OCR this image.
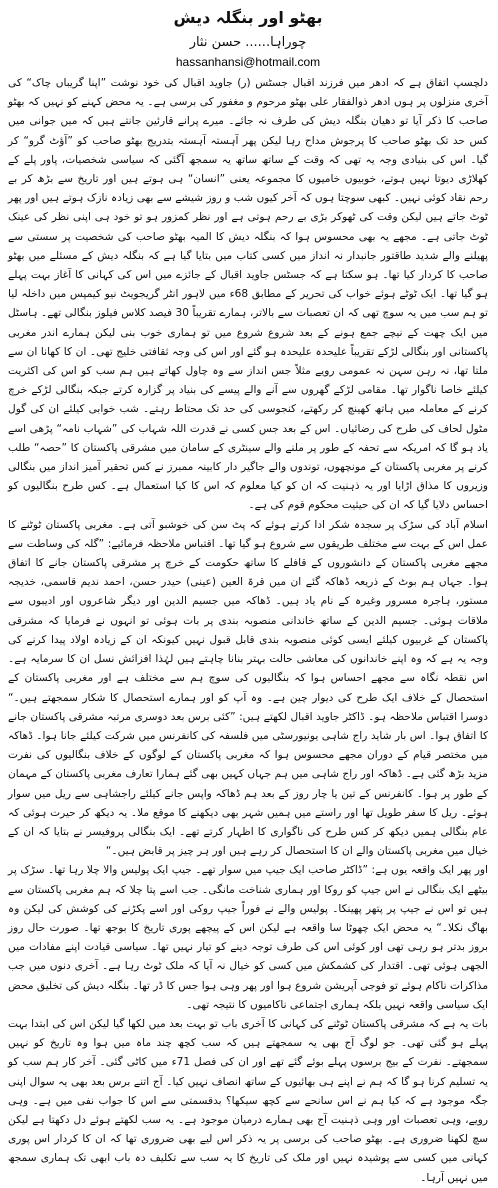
بھٹو اور بنگلہ دیش
چوراہا...... حسن نثار
hassanhansi@hotmail.com

دلچسپ اتفاق ہے کہ ادھر میں فرزند اقبال جسٹس (ر) جاوید اقبال کی خود نوشت ”اپنا گریباں چاک“ کی آخری منزلوں پر ہوں ادھر ذوالفقار علی بھٹو مرحوم و مغفور کی برسی ہے۔ یہ محض کہنے کو نہیں کہ بھٹو صاحب کا ذکر آیا تو دھیان بنگلہ دیش کی طرف نہ جائے۔ میرے پرانے قارئین جانتے ہیں کہ میں جوانی میں کس حد تک بھٹو صاحب کا پرجوش مداح رہا لیکن پھر آہستہ آہستہ بتدریج بھٹو صاحب کو ”آؤٹ گرو“ کر گیا۔ اس کی بنیادی وجہ یہ تھی کہ وقت کے ساتھ ساتھ یہ سمجھ آگئی کہ سیاسی شخصیات، پاور پلے کے کھلاڑی دیوتا نہیں ہوتے، خوبیوں خامیوں کا مجموعہ یعنی ”انسان“ ہی ہوتے ہیں اور تاریخ سے بڑھ کر بے رحم نقاد کوئی نہیں۔ کبھی سوچتا ہوں کہ آخر کیوں شب و روز شیشے سے بھی زیادہ نازک ہوتے ہیں اور پھر ٹوٹ جاتے ہیں لیکن وقت کی ٹھوکر بڑی بے رحم ہوتی ہے اور نظر کمزور ہو تو خود ہی اپنی نظر کی عینک ٹوٹ جاتی ہے۔ مجھے یہ بھی محسوس ہوا کہ بنگلہ دیش کا المیہ بھٹو صاحب کی شخصیت پر سستی سے پھیلنے والے شدید طاقتور جانبدار نہ انداز میں کسی کتاب میں بتایا گیا ہے کہ بنگلہ دیش کے مسئلے میں بھٹو صاحب کا کردار کیا تھا۔ ہو سکتا ہے کہ جسٹس جاوید اقبال کے جائزے میں اس کی کہانی کا آغاز بہت پہلے ہو گیا تھا۔ ایک ٹوٹے ہوئے خواب کی تحریر کے مطابق 68ء میں لاہور انٹر گریجویٹ نیو کیمپس میں داخلہ لیا تو ہم سب میں یہ سوچ تھی کہ ان تعصبات سے بالاتر، ہمارے تقریباً 30 فیصد کلاس فیلوز بنگالی تھے۔ ہاسٹل میں ایک چھت کے نیچے جمع ہونے کے بعد شروع شروع میں تو ہماری خوب بنی لیکن ہمارے اندر مغربی پاکستانی اور بنگالی لڑکے تقریباً علیحدہ علیحدہ ہو گئے اور اس کی وجہ ثقافتی خلیج تھی۔ ان کا کھانا ان سے ملتا تھا، نہ رہن سہن نہ عمومی رویے مثلاً جس انداز سے وہ چاول کھاتے ہیں ہم سب کو اس کی اکثریت کیلئے خاصا ناگوار تھا۔ مقامی لڑکے گھروں سے آنے والے پیسے کی بنیاد پر گزارہ کرتے جبکہ بنگالی لڑکے خرچ کرنے کے معاملہ میں ہاتھ کھینچ کر رکھتے، کنجوسی کی حد تک محتاط رہتے۔ شب خوابی کیلئے ان کی گول مٹول لحاف کی طرح کی رضائیاں۔ اس کے بعد جس کسی نے قدرت اللہ شہاب کی ”شہاب نامہ“ پڑھی اسے یاد ہو گا کہ امریکہ سے تحفہ کے طور پر ملنے والے سینٹری کے سامان میں مشرقی پاکستان کا ”حصہ“ طلب کرنے پر مغربی پاکستان کے مونچھوں، توندوں والے جاگیر دار کابینہ ممبرز نے کس تحقیر آمیز انداز میں بنگالی وزیروں کا مذاق اڑایا اور یہ ذہنیت کہ ان کو کیا معلوم کہ اس کا کیا استعمال ہے۔ کس طرح بنگالیوں کو احساس دلایا گیا کہ ان کی حیثیت محکوم قوم کی ہے۔

اسلام آباد کی سڑک پر سجدہ شکر ادا کرتے ہوئے کہ پٹ سن کی خوشبو آتی ہے۔ مغربی پاکستان ٹوٹنے کا عمل اس کے بہت سے مختلف طریقوں سے شروع ہو گیا تھا۔ اقتباس ملاحظہ فرمائیے: ”گلہ کی وساطت سے مجھے مغربی پاکستان کے دانشوروں کے قافلے کا ساتھ حکومت کے خرچ پر مشرقی پاکستان جانے کا اتفاق ہوا۔ جہاں ہم بوٹ کے ذریعہ ڈھاکہ گئے ان میں قرۃ العین (عینی) حیدر حسن، احمد ندیم قاسمی، خدیجہ مستور، ہاجرہ مسرور وغیرہ کے نام یاد ہیں۔ ڈھاکہ میں جسیم الدین اور دیگر شاعروں اور ادیبوں سے ملاقات ہوئی۔ جسیم الدین کے ساتھ خاندانی منصوبہ بندی پر بات ہوئی تو انہوں نے فرمایا کہ مشرقی پاکستان کے غربیوں کیلئے ایسی کوئی منصوبہ بندی قابل قبول نہیں کیونکہ ان کے زیادہ اولاد پیدا کرنے کی وجہ یہ ہے کہ وہ اپنے خاندانوں کی معاشی حالت بہتر بنانا چاہتے ہیں لہٰذا افزائش نسل ان کا سرمایہ ہے۔ اس نقطہ نگاہ سے مجھے احساس ہوا کہ بنگالیوں کی سوچ ہم سے مختلف ہے اور مغربی پاکستان کے استحصال کے خلاف ایک طرح کی دیوار چین ہے۔ وہ آپ کو اور ہمارے استحصال کا شکار سمجھتے ہیں۔“ دوسرا اقتباس ملاحظہ ہو۔ ڈاکٹر جاوید اقبال لکھتے ہیں: ”کئی برس بعد دوسری مرتبہ مشرقی پاکستان جانے کا اتفاق ہوا۔ اس بار شاید راج شاہی یونیورسٹی میں فلسفہ کی کانفرنس میں شرکت کیلئے جانا ہوا۔ ڈھاکہ میں مختصر قیام کے دوران مجھے محسوس ہوا کہ مغربی پاکستان کے لوگوں کے خلاف بنگالیوں کی نفرت مزید بڑھ گئی ہے۔ ڈھاکہ اور راج شاہی میں ہم جہاں کہیں بھی گئے ہمارا تعارف مغربی پاکستان کے مہمان کے طور پر ہوا۔ کانفرنس کے تین یا چار روز کے بعد ہم ڈھاکہ واپس جانے کیلئے راجشاہی سے ریل میں سوار ہوئے۔ ریل کا سفر طویل تھا اور راستے میں ہمیں شہر بھی دیکھنے کا موقع ملا۔ یہ دیکھ کر حیرت ہوئی کہ عام بنگالی ہمیں دیکھ کر کس طرح کی ناگواری کا اظہار کرتے تھے۔ ایک بنگالی پروفیسر نے بتایا کہ ان کے خیال میں مغربی پاکستان والے ان کا استحصال کر رہے ہیں اور ہر چیز پر قابض ہیں۔“

اور پھر ایک واقعہ یوں ہے: ”ڈاکٹر صاحب ایک جیپ میں سوار تھے۔ جیپ ایک پولیس والا چلا رہا تھا۔ سڑک پر بیٹھے ایک بنگالی نے اس جیپ کو روکا اور ہماری شناخت مانگی۔ جب اسے پتا چلا کہ ہم مغربی پاکستان سے ہیں تو اس نے جیپ پر پتھر پھینکا۔ پولیس والے نے فوراً جیپ روکی اور اسے پکڑنے کی کوشش کی لیکن وہ بھاگ نکلا۔“ یہ محض ایک چھوٹا سا واقعہ ہے لیکن اس کے پیچھے پوری تاریخ کا بوجھ تھا۔ صورت حال روز بروز بدتر ہو رہی تھی اور کوئی اس کی طرف توجہ دینے کو تیار نہیں تھا۔ سیاسی قیادت اپنے مفادات میں الجھی ہوئی تھی۔ اقتدار کی کشمکش میں کسی کو خیال نہ آیا کہ ملک ٹوٹ رہا ہے۔ آخری دنوں میں جب مذاکرات ناکام ہوئے تو فوجی آپریشن شروع ہوا اور پھر وہی ہوا جس کا ڈر تھا۔ بنگلہ دیش کی تخلیق محض ایک سیاسی واقعہ نہیں بلکہ ہماری اجتماعی ناکامیوں کا نتیجہ تھی۔

بات یہ ہے کہ مشرقی پاکستان ٹوٹنے کی کہانی کا آخری باب تو بہت بعد میں لکھا گیا لیکن اس کی ابتدا بہت پہلے ہو گئی تھی۔ جو لوگ آج بھی یہ سمجھتے ہیں کہ سب کچھ چند ماہ میں ہوا وہ تاریخ کو نہیں سمجھتے۔ نفرت کے بیج برسوں پہلے بوئے گئے تھے اور ان کی فصل 71ء میں کاٹی گئی۔ آخر کار ہم سب کو یہ تسلیم کرنا ہو گا کہ ہم نے اپنے ہی بھائیوں کے ساتھ انصاف نہیں کیا۔ آج اتنے برس بعد بھی یہ سوال اپنی جگہ موجود ہے کہ کیا ہم نے اس سانحے سے کچھ سیکھا؟ بدقسمتی سے اس کا جواب نفی میں ہے۔ وہی رویے، وہی تعصبات اور وہی ذہنیت آج بھی ہمارے درمیان موجود ہے۔ یہ سب لکھتے ہوئے دل دکھتا ہے لیکن سچ لکھنا ضروری ہے۔ بھٹو صاحب کی برسی پر یہ ذکر اس لیے بھی ضروری تھا کہ ان کا کردار اس پوری کہانی میں کسی سے پوشیدہ نہیں اور ملک کی تاریخ کا یہ سب سے تکلیف دہ باب ابھی تک ہماری سمجھ میں نہیں آرہا۔
